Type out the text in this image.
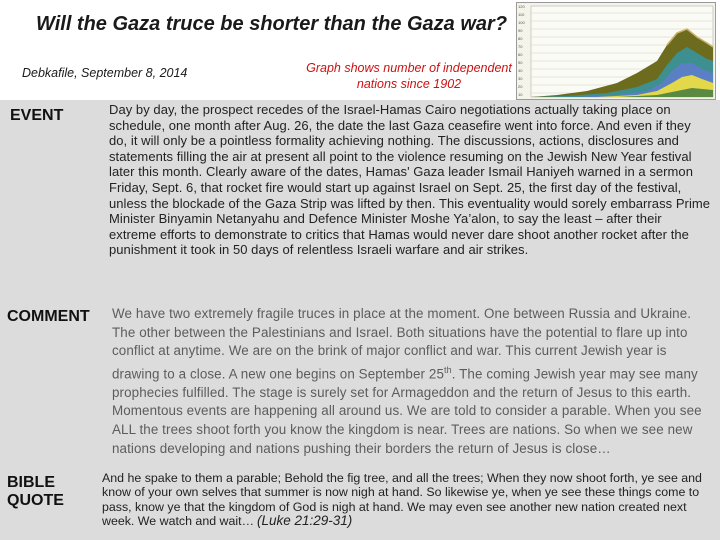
Will the Gaza truce be shorter than the Gaza war?
Debkafile, September 8, 2014	Graph shows number of independent nations since 1902
120
110
100
90
80
70
60
50
40
30
20
10
EVENT	Day by day, the prospect recedes of the Israel-Hamas Cairo negotiations actually taking place on schedule, one month after Aug. 26, the date the last Gaza ceasefire went into force. And even if they do, it will only be a pointless formality achieving nothing. The discussions, actions, disclosures and statements filling the air at present all point to the violence resuming on the Jewish New Year festival later this month. Clearly aware of the dates, Hamas' Gaza leader Ismail Haniyeh warned in a sermon Friday, Sept. 6, that rocket fire would start up against Israel on Sept. 25, the first day of the festival, unless the blockade of the Gaza Strip was lifted by then. This eventuality would sorely embarrass Prime Minister Binyamin Netanyahu and Defence Minister Moshe Ya’alon, to say the least – after their extreme efforts to demonstrate to critics that Hamas would never dare shoot another rocket after the punishment it took in 50 days of relentless Israeli warfare and air strikes.
COMMENT We have two extremely fragile truces in place at the moment. One between Russia and Ukraine. The other between the Palestinians and Israel. Both situations have the potential to flare up into conflict at anytime. We are on the brink of major conflict and war. This current Jewish year is drawing to a close. A new one begins on September 25th. The coming Jewish year may see many prophecies fulfilled. The stage is surely set for Armageddon and the return of Jesus to this earth. Momentous events are happening all around us. We are told to consider a parable. When you see ALL the trees shoot forth you know the kingdom is near. Trees are nations. So when we see new nations developing and nations pushing their borders the return of Jesus is close…
BIBLE QUOTE
And he spake to them a parable; Behold the fig tree, and all the trees; When they now shoot forth, ye see and know of your own selves that summer is now nigh at hand. So likewise ye, when ye see these things come to pass, know ye that the kingdom of God is nigh at hand. We may even see another new nation created next week. We watch and wait… (Luke 21:29-31)
